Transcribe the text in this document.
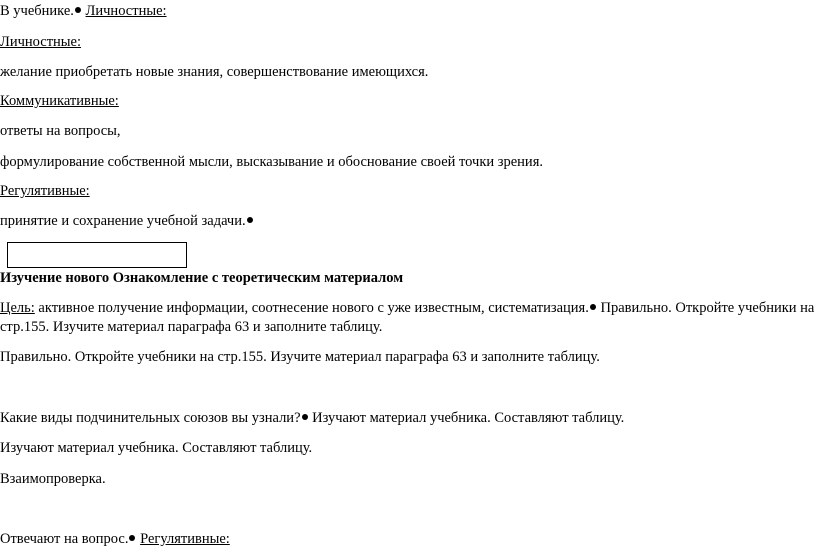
В учебнике. Личностные:
Личностные:
желание приобретать новые знания, совершенствование имеющихся.
Коммуникативные:
ответы на вопросы,
формулирование собственной мысли, высказывание и обоснование своей точки зрения.
Регулятивные:
принятие и сохранение учебной задачи.
Изучение нового Ознакомление с теоретическим материалом
Цель: активное получение информации, соотнесение нового с уже известным, систематизация. Правильно. Откройте учебники на
стр.155. Изучите материал параграфа 63 и заполните таблицу.
Правильно. Откройте учебники на стр.155. Изучите материал параграфа 63 и заполните таблицу.
Какие виды подчинительных союзов вы узнали? Изучают материал учебника. Составляют таблицу.
Изучают материал учебника. Составляют таблицу.
Взаимопроверка.
Отвечают на вопрос. Регулятивные:
